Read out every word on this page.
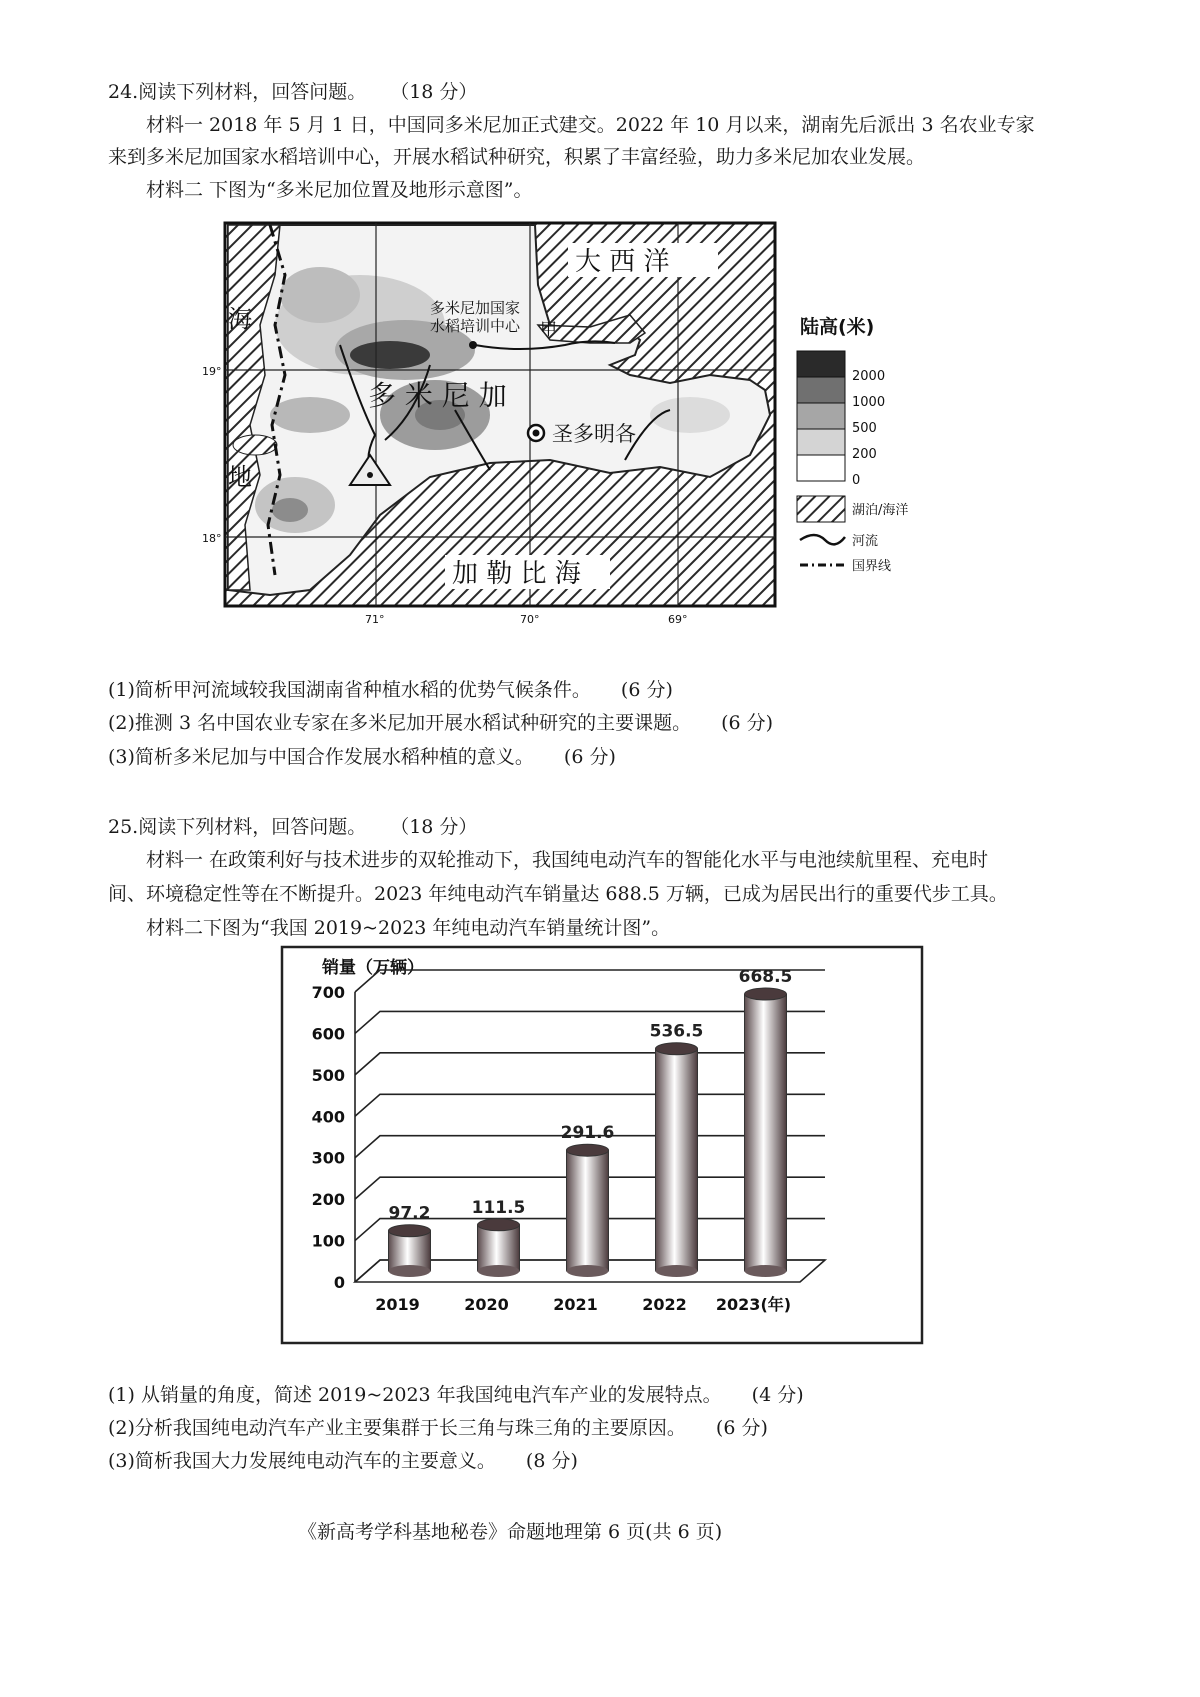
24.阅读下列材料，回答问题。 （18 分）
材料一 2018 年 5 月 1 日，中国同多米尼加正式建交。2022 年 10 月以来，湖南先后派出 3 名农业专家
来到多米尼加国家水稻培训中心，开展水稻试种研究，积累了丰富经验，助力多米尼加农业发展。
材料二 下图为“多米尼加位置及地形示意图”。
海
地
大 西 洋
加 勒 比 海
多 米 尼 加
圣多明各
多米尼加国家
水稻培训中心 甲
19°
18°
71°	70°	69°
陆高(米)
2000
1000
500
200
0
湖泊/海洋
河流
国界线
(1)简析甲河流域较我国湖南省种植水稻的优势气候条件。 (6 分)
(2)推测 3 名中国农业专家在多米尼加开展水稻试种研究的主要课题。 (6 分)
(3)简析多米尼加与中国合作发展水稻种植的意义。 (6 分)
25.阅读下列材料，回答问题。 （18 分）
材料一 在政策利好与技术进步的双轮推动下，我国纯电动汽车的智能化水平与电池续航里程、充电时
间、环境稳定性等在不断提升。2023 年纯电动汽车销量达 688.5 万辆，已成为居民出行的重要代步工具。
材料二下图为“我国 2019~2023 年纯电动汽车销量统计图”。
销量（万辆）
0
100
200
300
400
500
600
700
97.2 111.5
291.6
536.5
668.5
2019	2020	2021	2022 2023(年)
(1) 从销量的角度，简述 2019~2023 年我国纯电汽车产业的发展特点。 (4 分)
(2)分析我国纯电动汽车产业主要集群于长三角与珠三角的主要原因。 (6 分)
(3)简析我国大力发展纯电动汽车的主要意义。 (8 分)
《新高考学科基地秘卷》命题地理第 6 页(共 6 页)
